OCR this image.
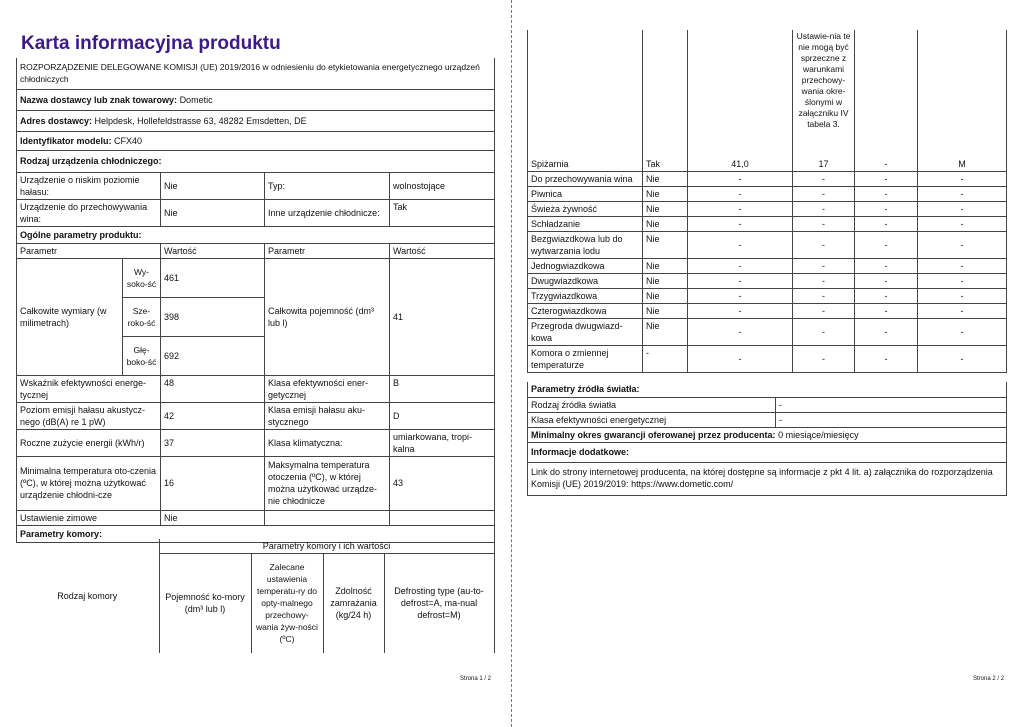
Karta informacyjna produktu
ROZPORZĄDZENIE DELEGOWANE KOMISJI (UE) 2019/2016 w odniesieniu do etykietowania energetycznego urządzeń chłodniczych				
Nazwa dostawcy lub znak towarowy: Dometic				
Adres dostawcy: Helpdesk, Hollefeldstrasse 63, 48282 Emsdetten, DE				
Identyfikator modelu: CFX40				
Rodzaj urządzenia chłodniczego:				
Urządzenie o niskim poziomie hałasu:		Nie	Typ:	wolnostojące
Urządzenie do przechowywania wina:		Nie	Inne urządzenie chłodnicze:	Tak
Ogólne parametry produktu:				
Parametr		Wartość	Parametr	Wartość
Całkowite wymiary (w milimetrach)	Wy-soko-ść	461	Całkowita pojemność (dm³ lub l)	41
	Sze-roko-ść	398		
	Głę-boko-ść	692		
Wskaźnik efektywności energe-tycznej		48	Klasa efektywności ener-getycznej	B
Poziom emisji hałasu akustycz-nego (dB(A) re 1 pW)		42	Klasa emisji hałasu aku-stycznego	D
Roczne zużycie energii (kWh/r)		37	Klasa klimatyczna:	umiarkowana, tropi-kalna
Minimalna temperatura oto-czenia (ºC), w której można użytkować urządzenie chłodni-cze		16	Maksymalna temperatura otoczenia (ºC), w której można użytkować urządze-nie chłodnicze	43
Ustawienie zimowe		Nie		
Parametry komory:				
Rodzaj komory	Parametry komory i ich wartości			
	Pojemność ko-mory (dm³ lub l)	Zalecane ustawienia temperatu-ry do opty-malnego przechowy-wania żyw-ności (ºC)	Zdolność zamrażania (kg/24 h)	Defrosting type (au-to-defrost=A, ma-nual defrost=M)
Strona 1 / 2
			Ustawie-nia te nie mogą być sprzeczne z warunkami przechowy-wania okre-ślonymi w załączniku IV tabela 3.		
Spiżarnia	Tak	41,0	17	-	M
Do przechowywania wina	Nie	-	-	-	-
Piwnica	Nie	-	-	-	-
Świeża żywność	Nie	-	-	-	-
Schładzanie	Nie	-	-	-	-
Bezgwiazdkowa lub do wytwarzania lodu	Nie	-	-	-	-
Jednogwiazdkowa	Nie	-	-	-	-
Dwugwiazdkowa	Nie	-	-	-	-
Trzygwiazdkowa	Nie	-	-	-	-
Czterogwiazdkowa	Nie	-	-	-	-
Przegroda dwugwiazd-kowa	Nie	-	-	-	-
Komora o zmiennej temperaturze	-	-	-	-	-
Parametry źródła światła:	
Rodzaj źródła światła	-
Klasa efektywności energetycznej	-
Minimalny okres gwarancji oferowanej przez producenta: 0 miesiące/miesięcy	
Informacje dodatkowe:	
Link do strony internetowej producenta, na której dostępne są informacje z pkt 4 lit. a) załącznika do rozporządzenia Komisji (UE) 2019/2019: https://www.dometic.com/	
Strona 2 / 2
